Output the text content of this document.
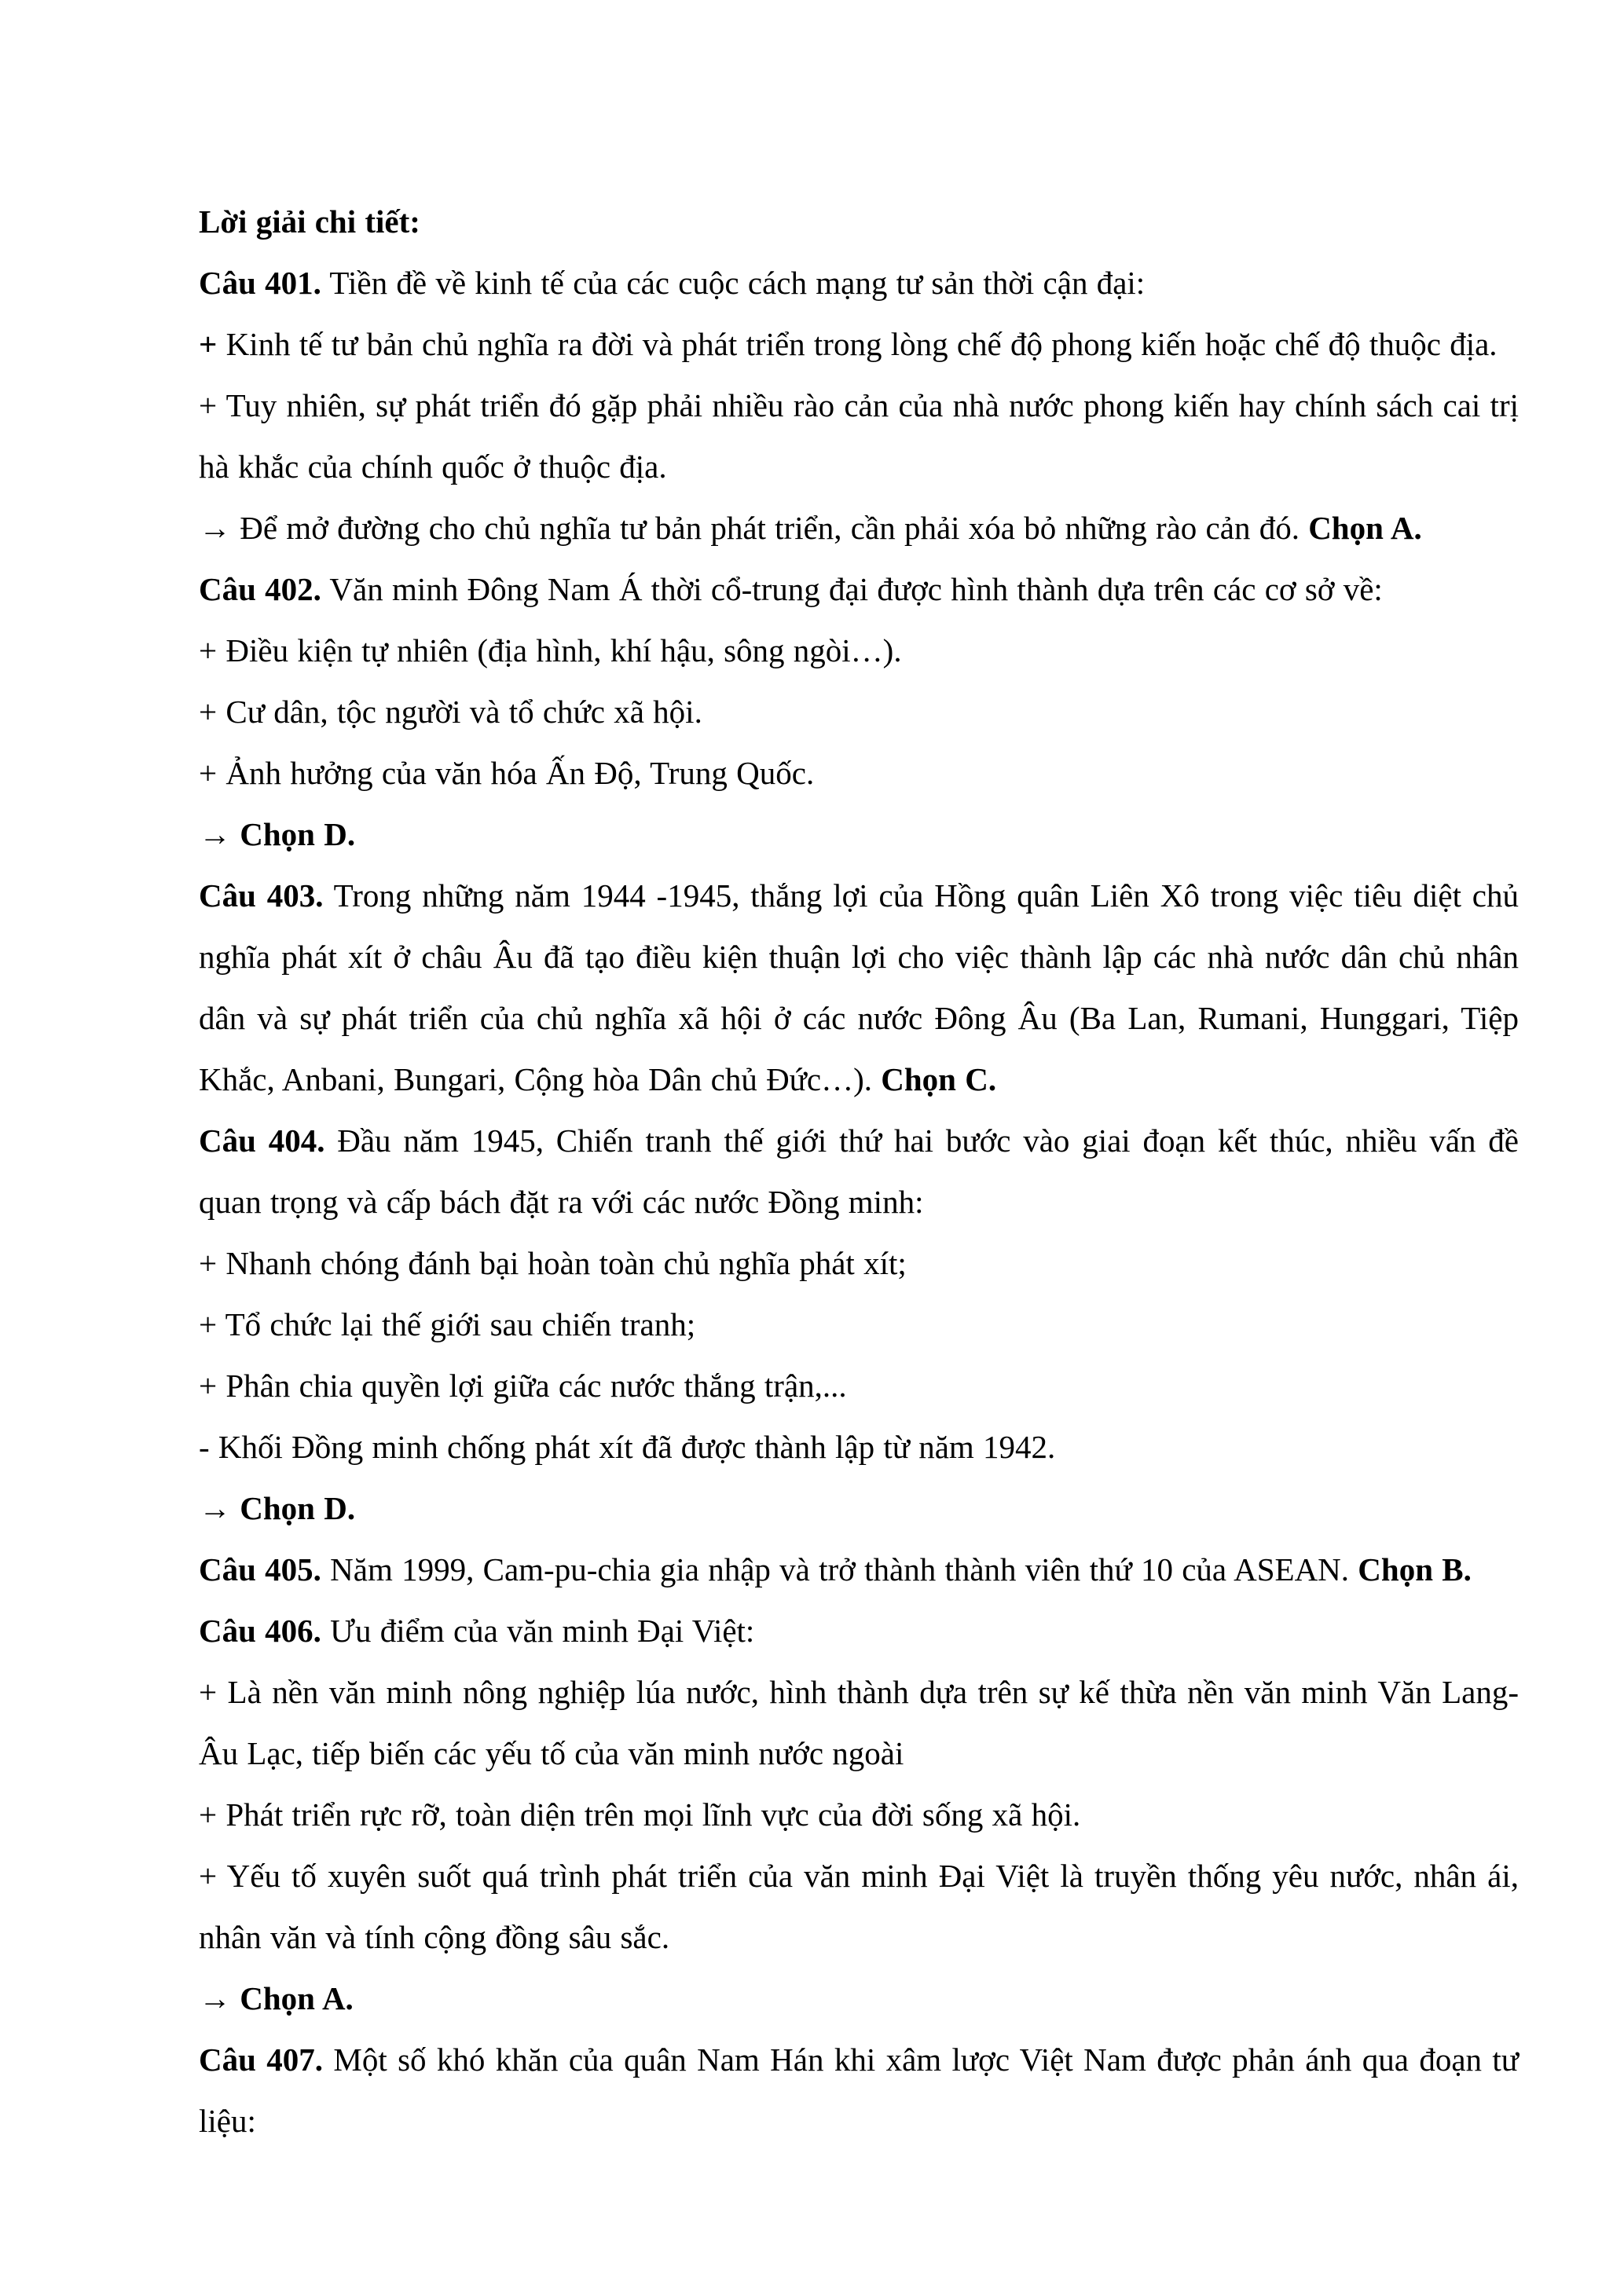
Lời giải chi tiết:

Câu 401. Tiền đề về kinh tế của các cuộc cách mạng tư sản thời cận đại:

+ Kinh tế tư bản chủ nghĩa ra đời và phát triển trong lòng chế độ phong kiến hoặc chế độ thuộc địa.

+ Tuy nhiên, sự phát triển đó gặp phải nhiều rào cản của nhà nước phong kiến hay chính sách cai trị hà khắc của chính quốc ở thuộc địa.

→ Để mở đường cho chủ nghĩa tư bản phát triển, cần phải xóa bỏ những rào cản đó. Chọn A.

Câu 402. Văn minh Đông Nam Á thời cổ-trung đại được hình thành dựa trên các cơ sở về:

+ Điều kiện tự nhiên (địa hình, khí hậu, sông ngòi…).

+ Cư dân, tộc người và tổ chức xã hội.

+ Ảnh hưởng của văn hóa Ấn Độ, Trung Quốc.

→ Chọn D.

Câu 403. Trong những năm 1944 -1945, thắng lợi của Hồng quân Liên Xô trong việc tiêu diệt chủ nghĩa phát xít ở châu Âu đã tạo điều kiện thuận lợi cho việc thành lập các nhà nước dân chủ nhân dân và sự phát triển của chủ nghĩa xã hội ở các nước Đông Âu (Ba Lan, Rumani, Hunggari, Tiệp Khắc, Anbani, Bungari, Cộng hòa Dân chủ Đức…). Chọn C.

Câu 404. Đầu năm 1945, Chiến tranh thế giới thứ hai bước vào giai đoạn kết thúc, nhiều vấn đề quan trọng và cấp bách đặt ra với các nước Đồng minh:

+ Nhanh chóng đánh bại hoàn toàn chủ nghĩa phát xít;

+ Tổ chức lại thế giới sau chiến tranh;

+ Phân chia quyền lợi giữa các nước thắng trận,...

- Khối Đồng minh chống phát xít đã được thành lập từ năm 1942.

→ Chọn D.

Câu 405. Năm 1999, Cam-pu-chia gia nhập và trở thành thành viên thứ 10 của ASEAN. Chọn B.

Câu 406. Ưu điểm của văn minh Đại Việt:

+ Là nền văn minh nông nghiệp lúa nước, hình thành dựa trên sự kế thừa nền văn minh Văn Lang-Âu Lạc, tiếp biến các yếu tố của văn minh nước ngoài

+ Phát triển rực rỡ, toàn diện trên mọi lĩnh vực của đời sống xã hội.

+ Yếu tố xuyên suốt quá trình phát triển của văn minh Đại Việt là truyền thống yêu nước, nhân ái, nhân văn và tính cộng đồng sâu sắc.

→ Chọn A.

Câu 407. Một số khó khăn của quân Nam Hán khi xâm lược Việt Nam được phản ánh qua đoạn tư liệu:
